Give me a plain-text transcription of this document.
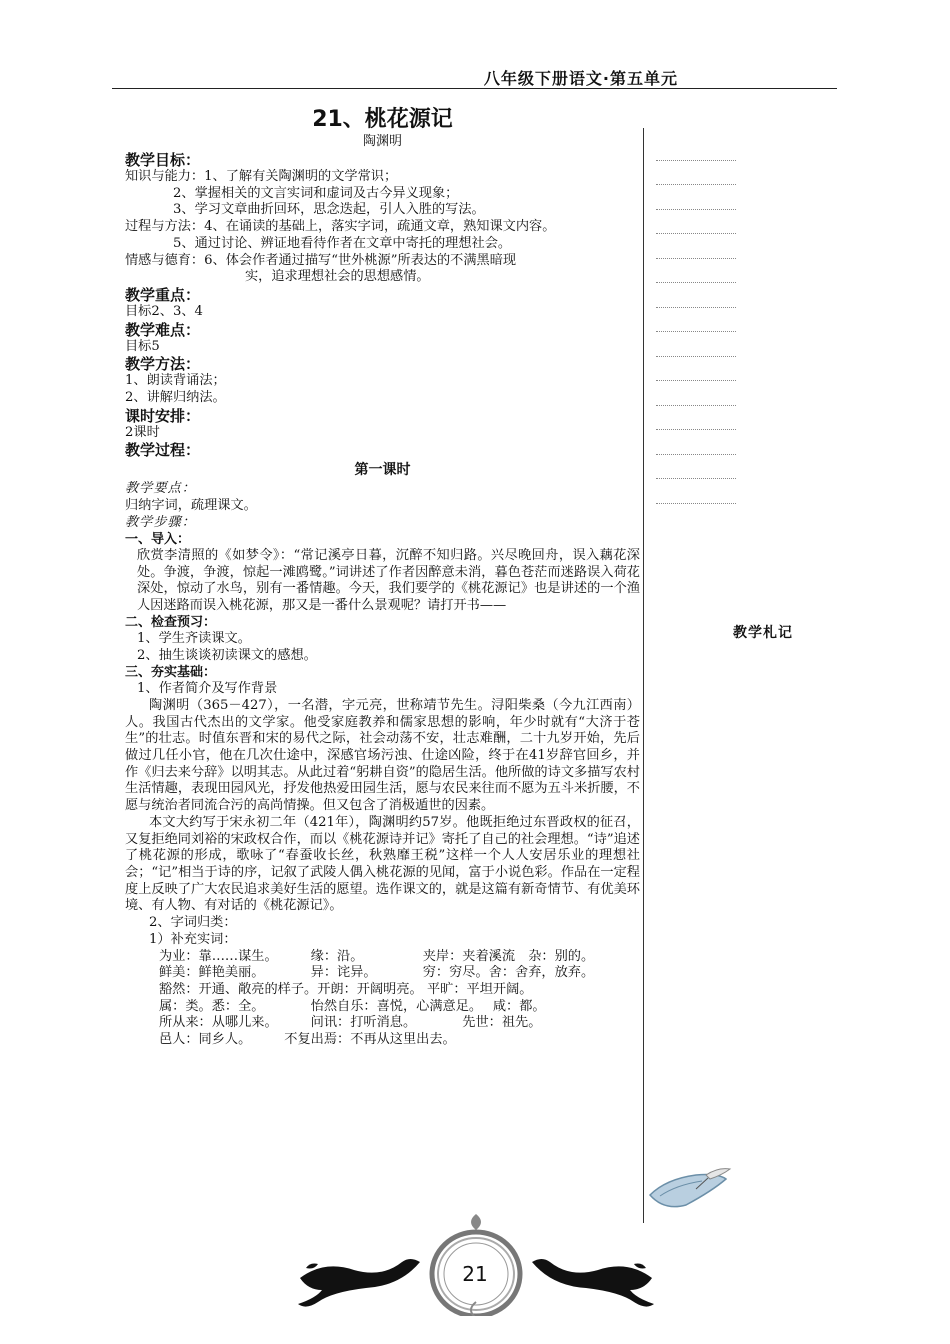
八年级下册语文·第五单元
教学札记
21、桃花源记
陶渊明
教学目标：

知识与能力：1、了解有关陶渊明的文学常识；

2、掌握相关的文言实词和虚词及古今异义现象；

3、学习文章曲折回环，思念迭起，引人入胜的写法。

过程与方法：4、在诵读的基础上，落实字词，疏通文章，熟知课文内容。

5、通过讨论、辨证地看待作者在文章中寄托的理想社会。

情感与德育：6、体会作者通过描写“世外桃源”所表达的不满黑暗现

实，追求理想社会的思想感情。

教学重点：

目标2、3、4

教学难点：

目标5

教学方法：

1、朗读背诵法；

2、讲解归纳法。

课时安排：

2课时

教学过程：
第一课时

教学要点：

归纳字词，疏理课文。

教学步骤：

一、导入：

欣赏李清照的《如梦令》：“常记溪亭日暮，沉醉不知归路。兴尽晚回舟，误入藕花深处。争渡，争渡，惊起一滩鸥鹭。”词讲述了作者因醉意未消，暮色苍茫而迷路误入荷花深处，惊动了水鸟，别有一番情趣。今天，我们要学的《桃花源记》也是讲述的一个渔人因迷路而误入桃花源，那又是一番什么景观呢？请打开书——

二、检查预习：

1、学生齐读课文。

2、抽生谈谈初读课文的感想。

三、夯实基础：

1、作者简介及写作背景

陶渊明（365－427），一名潜，字元亮，世称靖节先生。浔阳柴桑（今九江西南）人。我国古代杰出的文学家。他受家庭教养和儒家思想的影响，年少时就有“大济于苍生”的壮志。时值东晋和宋的易代之际，社会动荡不安，壮志难酬，二十九岁开始，先后做过几任小官，他在几次仕途中，深感官场污浊、仕途凶险，终于在41岁辞官回乡，并作《归去来兮辞》以明其志。从此过着“躬耕自资”的隐居生活。他所做的诗文多描写农村生活情趣，表现田园风光，抒发他热爱田园生活，愿与农民来往而不愿为五斗米折腰，不愿与统治者同流合污的高尚情操。但又包含了消极遁世的因素。

本文大约写于宋永初二年（421年），陶渊明约57岁。他既拒绝过东晋政权的征召，又复拒绝同刘裕的宋政权合作，而以《桃花源诗并记》寄托了自己的社会理想。“诗”追述了桃花源的形成，歌咏了“春蚕收长丝，秋熟靡王税”这样一个人人安居乐业的理想社会；“记”相当于诗的序，记叙了武陵人偶入桃花源的见闻，富于小说色彩。作品在一定程度上反映了广大农民追求美好生活的愿望。选作课文的，就是这篇有新奇情节、有优美环境、有人物、有对话的《桃花源记》。

2、字词归类：

1）补充实词：

为业：靠……谋生。　　　缘：沿。　　　　　夹岸：夹着溪流　杂：别的。

鲜美：鲜艳美丽。　　　　异：诧异。　　　　穷：穷尽。舍：舍弃，放弃。

豁然：开通、敞亮的样子。开朗：开阔明亮。 平旷：平坦开阔。

属：类。悉：全。　　　　怡然自乐：喜悦，心满意足。　 咸：都。

所从来：从哪儿来。　　　问讯：打听消息。　　　　先世：祖先。

邑人：同乡人。　　　不复出焉：不再从这里出去。

21
